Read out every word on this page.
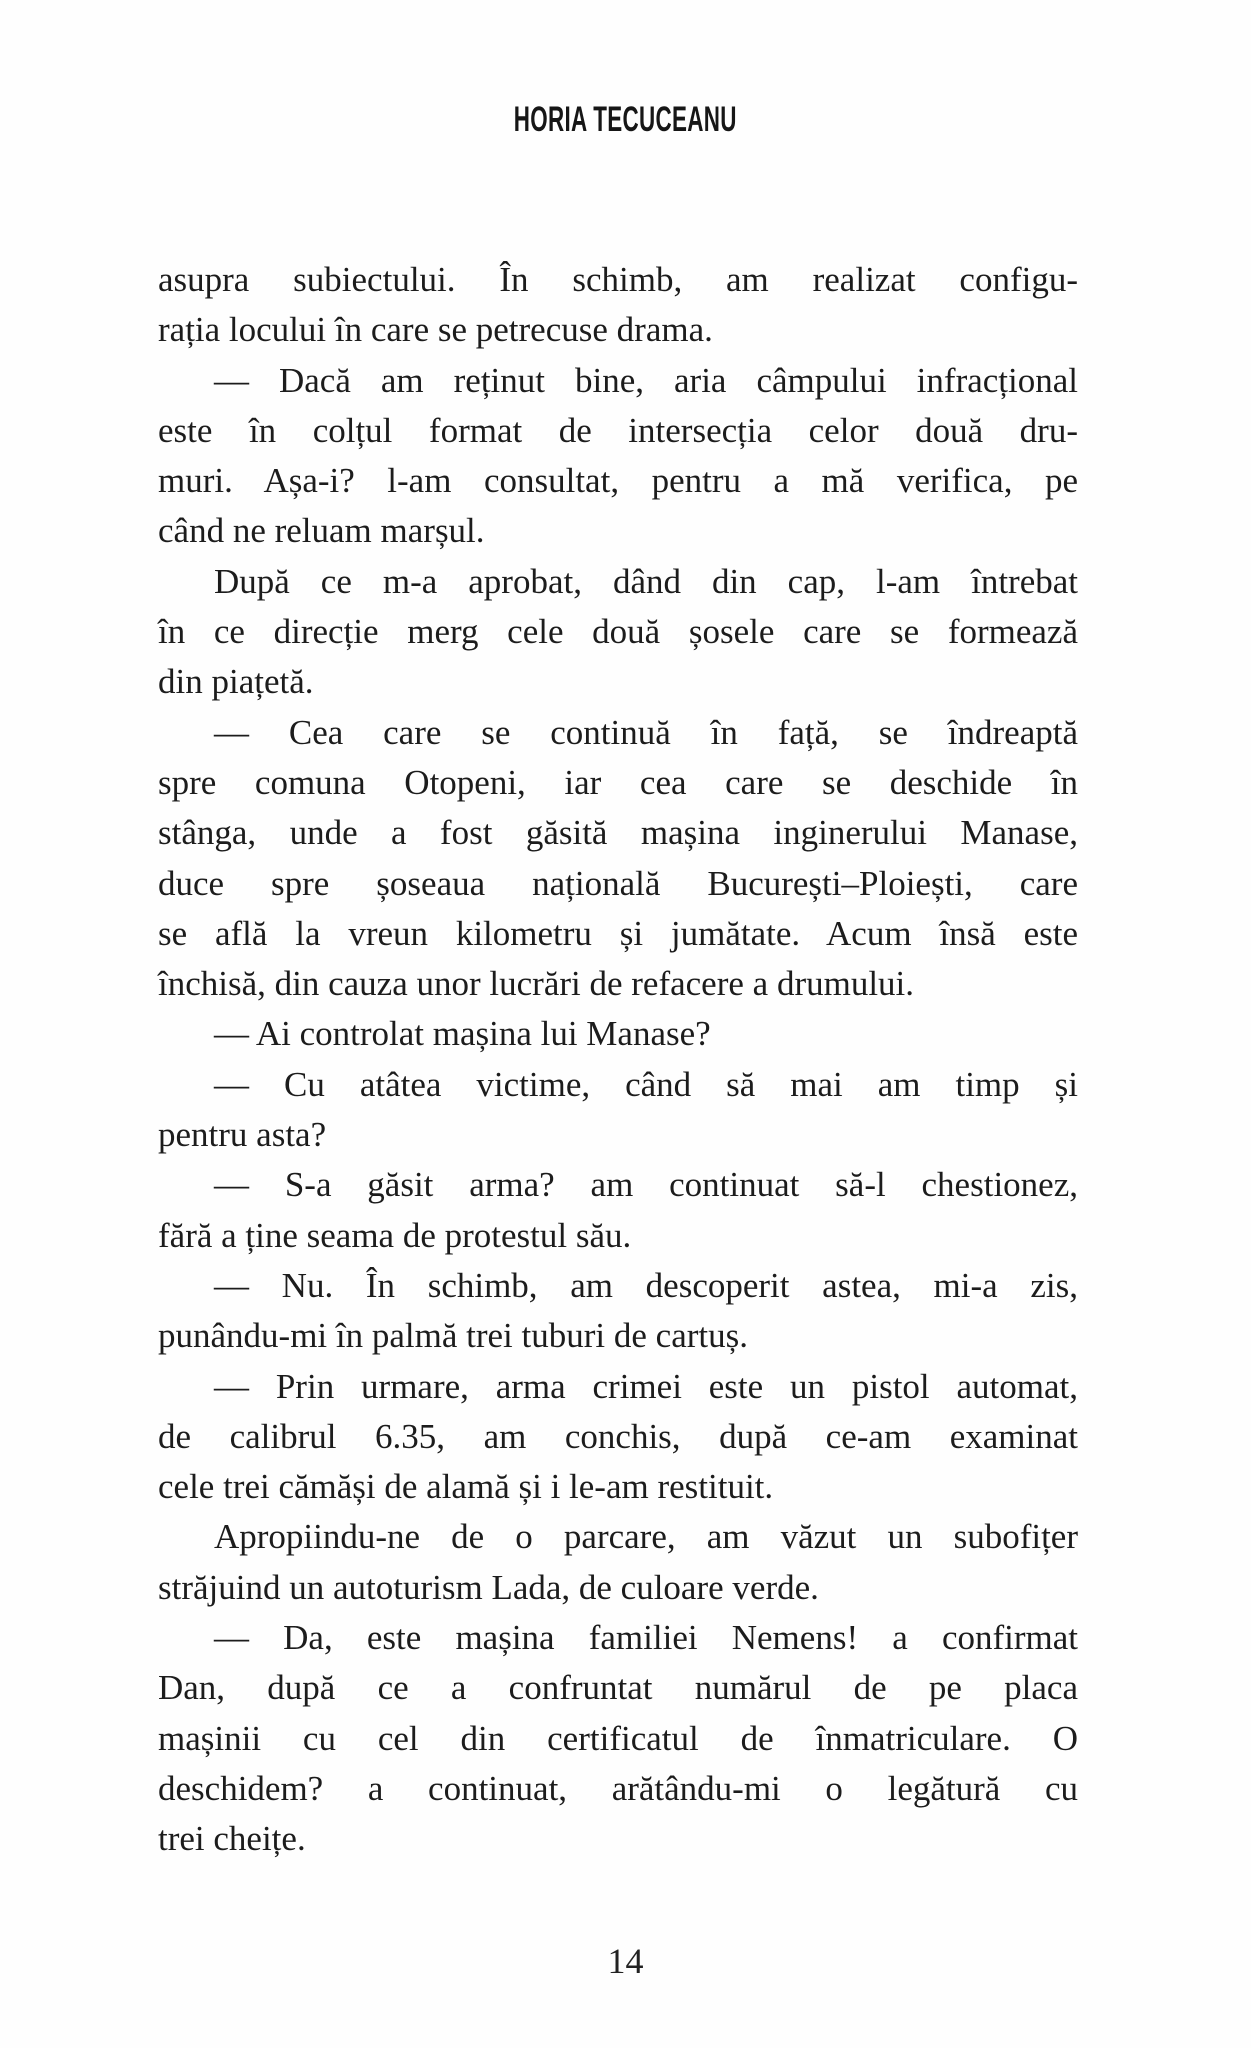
HORIA TECUCEANU
asupra subiectului. În schimb, am realizat configu-
rația locului în care se petrecuse drama.
— Dacă am reținut bine, aria câmpului infracțional
este în colțul format de intersecția celor două dru-
muri. Așa-i? l-am consultat, pentru a mă verifica, pe
când ne reluam marșul.
După ce m-a aprobat, dând din cap, l-am întrebat
în ce direcție merg cele două șosele care se formează
din piațetă.
— Cea care se continuă în față, se îndreaptă
spre comuna Otopeni, iar cea care se deschide în
stânga, unde a fost găsită mașina inginerului Manase,
duce spre șoseaua națională București–Ploiești, care
se află la vreun kilometru și jumătate. Acum însă este
închisă, din cauza unor lucrări de refacere a drumului.
— Ai controlat mașina lui Manase?
— Cu atâtea victime, când să mai am timp și
pentru asta?
— S-a găsit arma? am continuat să-l chestionez,
fără a ține seama de protestul său.
— Nu. În schimb, am descoperit astea, mi-a zis,
punându-mi în palmă trei tuburi de cartuș.
— Prin urmare, arma crimei este un pistol automat,
de calibrul 6.35, am conchis, după ce-am examinat
cele trei cămăși de alamă și i le-am restituit.
Apropiindu-ne de o parcare, am văzut un subofițer
străjuind un autoturism Lada, de culoare verde.
— Da, este mașina familiei Nemens! a confirmat
Dan, după ce a confruntat numărul de pe placa
mașinii cu cel din certificatul de înmatriculare. O
deschidem? a continuat, arătându-mi o legătură cu
trei cheițe.
14
